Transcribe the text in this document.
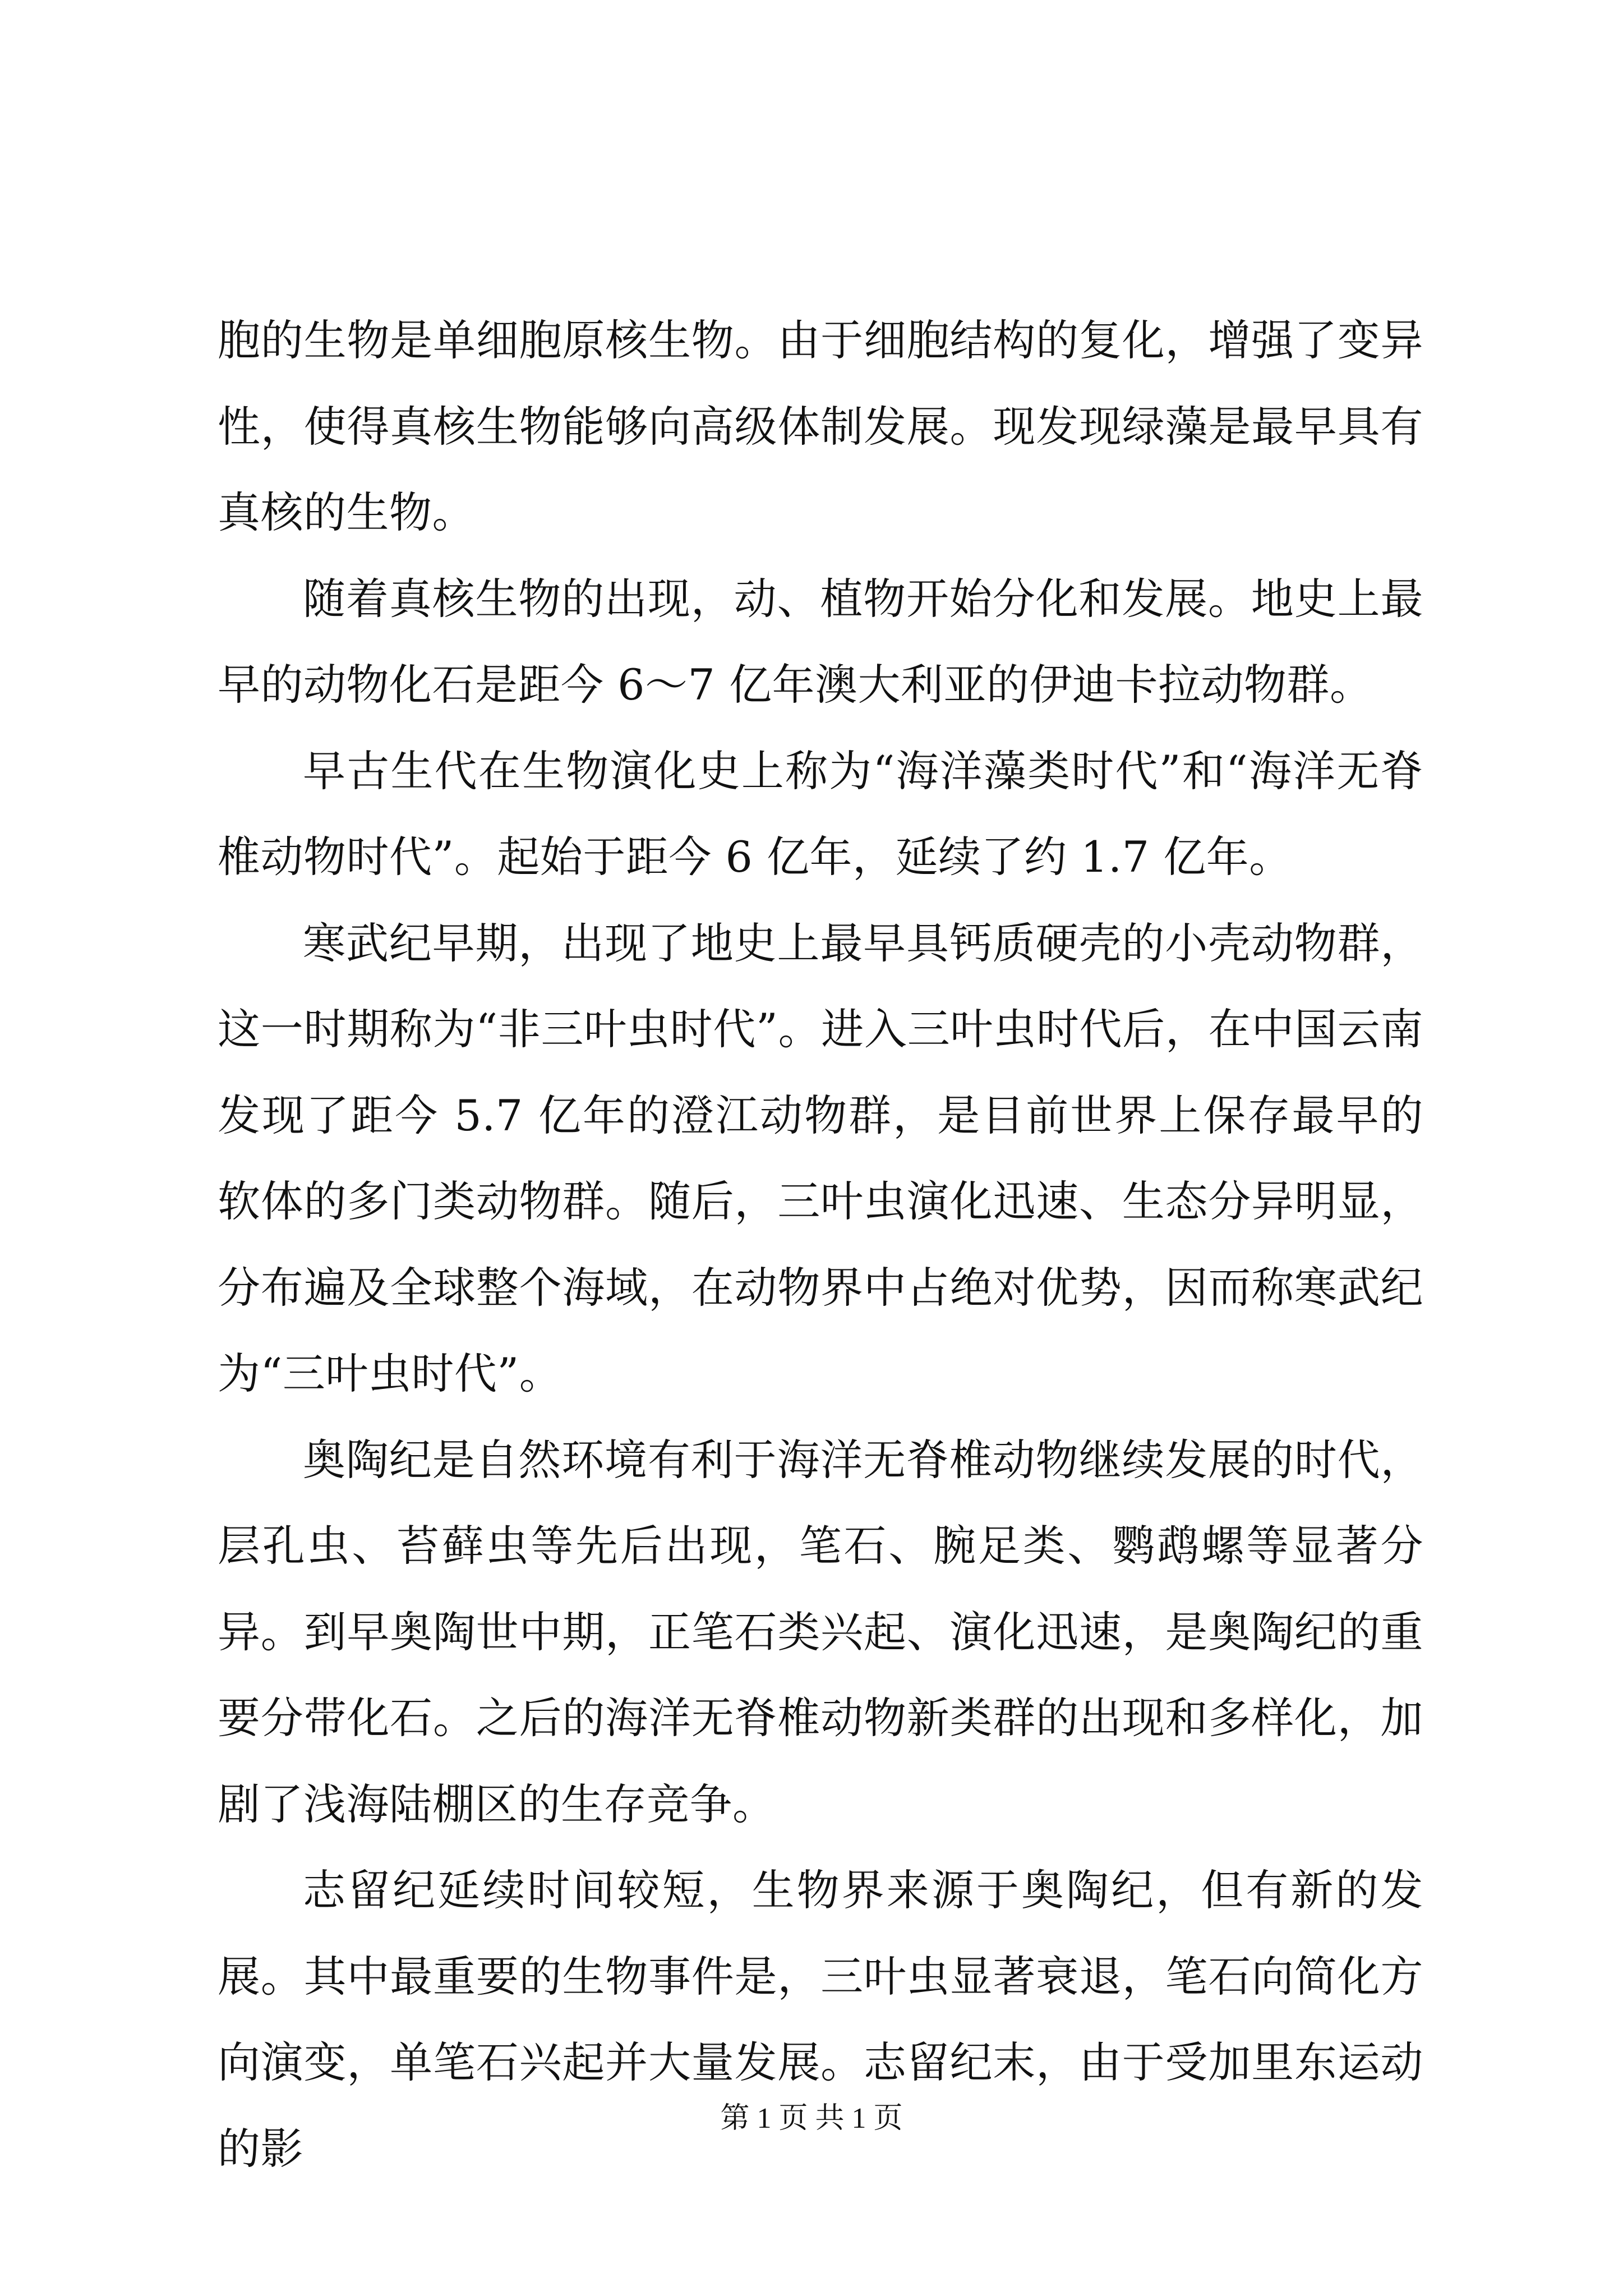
胞的生物是单细胞原核生物。由于细胞结构的复化，增强了变异性，使得真核生物能够向高级体制发展。现发现绿藻是最早具有真核的生物。

随着真核生物的出现，动、植物开始分化和发展。地史上最早的动物化石是距今 6～7 亿年澳大利亚的伊迪卡拉动物群。

早古生代在生物演化史上称为“海洋藻类时代”和“海洋无脊椎动物时代”。起始于距今 6 亿年，延续了约 1.7 亿年。

寒武纪早期，出现了地史上最早具钙质硬壳的小壳动物群，这一时期称为“非三叶虫时代”。进入三叶虫时代后，在中国云南发现了距今 5.7 亿年的澄江动物群，是目前世界上保存最早的软体的多门类动物群。随后，三叶虫演化迅速、生态分异明显，分布遍及全球整个海域，在动物界中占绝对优势，因而称寒武纪为“三叶虫时代”。

奥陶纪是自然环境有利于海洋无脊椎动物继续发展的时代，层孔虫、苔藓虫等先后出现，笔石、腕足类、鹦鹉螺等显著分异。到早奥陶世中期，正笔石类兴起、演化迅速，是奥陶纪的重要分带化石。之后的海洋无脊椎动物新类群的出现和多样化，加剧了浅海陆棚区的生存竞争。

志留纪延续时间较短，生物界来源于奥陶纪，但有新的发展。其中最重要的生物事件是，三叶虫显著衰退，笔石向简化方向演变，单笔石兴起并大量发展。志留纪末，由于受加里东运动的影

第 1 页 共 1 页
